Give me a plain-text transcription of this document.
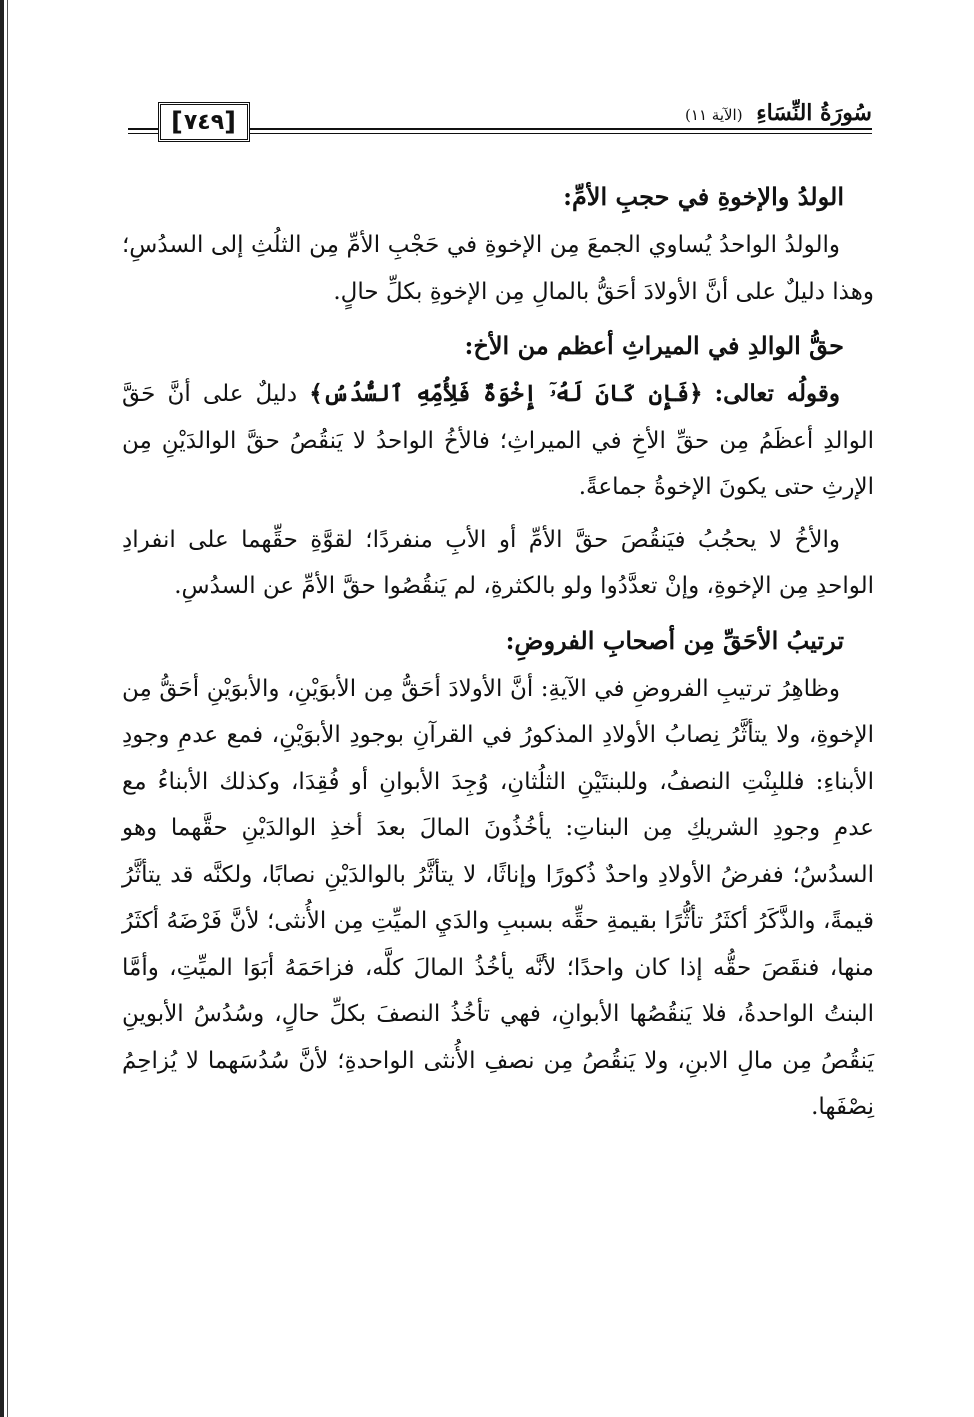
[ ٧٤٩ ]	سُورَةُ النِّسَاءِ (الآية ١١)

الولدُ والإخوةِ في حجبِ الأمِّ:

والولدُ الواحدُ يُساوي الجمعَ مِن الإخوةِ في حَجْبِ الأمِّ مِن الثلُثِ إلى السدُسِ؛ وهذا دليلٌ على أنَّ الأولادَ أحَقُّ بالمالِ مِن الإخوةِ بكلِّ حالٍ.

حقُّ الوالدِ في الميراثِ أعظم من الأخ:

وقولُه تعالى: ﴿فَإِن كَانَ لَهُۥٓ إِخْوَةٌ فَلِأُمِّهِ ٱلسُّدُسُ﴾ دليلٌ على أنَّ حَقَّ الوالدِ أعظَمُ مِن حقِّ الأخِ في الميراثِ؛ فالأخُ الواحدُ لا يَنقُصُ حقَّ الوالدَيْنِ مِن الإرثِ حتى يكونَ الإخوةُ جماعةً.

والأخُ لا يحجُبُ فيَنقُصَ حقَّ الأمِّ أو الأبِ منفردًا؛ لقوَّةِ حقِّهما على انفرادِ الواحدِ مِن الإخوةِ، وإنْ تعدَّدُوا ولو بالكثرةِ، لم يَنقُصُوا حقَّ الأمِّ عن السدُسِ.

ترتيبُ الأحَقِّ مِن أصحابِ الفروضِ:

وظاهِرُ ترتيبِ الفروضِ في الآيةِ: أنَّ الأولادَ أحَقُّ مِن الأبوَيْنِ، والأبوَيْنِ أحَقُّ مِن الإخوةِ، ولا يتأثَّرُ نِصابُ الأولادِ المذكورُ في القرآنِ بوجودِ الأبوَيْنِ، فمع عدمِ وجودِ الأبناءِ: فللبِنْتِ النصفُ، وللبنتَيْنِ الثلُثانِ، وُجِدَ الأبوانِ أو فُقِدَا، وكذلك الأبناءُ مع عدمِ وجودِ الشريكِ مِن البناتِ: يأخُذُونَ المالَ بعدَ أخذِ الوالدَيْنِ حقَّهما وهو السدُسُ؛ ففرضُ الأولادِ واحدٌ ذُكورًا وإناثًا، لا يتأثَّرُ بالوالدَيْنِ نصابًا، ولكنَّه قد يتأثَّرُ قيمةً، والذَّكَرُ أكثَرُ تأثُّرًا بقيمةِ حقِّه بسببِ والدَيِ الميِّتِ مِن الأُنثى؛ لأنَّ فَرْضَهُ أكثَرُ منها، فنقَصَ حقُّه إذا كان واحدًا؛ لأنَّه يأخُذُ المالَ كلَّه، فزاحَمَهُ أبَوَا الميِّتِ، وأمَّا البنتُ الواحدةُ، فلا يَنقُصُها الأبوانِ، فهي تأخُذُ النصفَ بكلِّ حالٍ، وسُدُسُ الأبوينِ يَنقُصُ مِن مالِ الابنِ، ولا يَنقُصُ مِن نصفِ الأُنثى الواحدةِ؛ لأنَّ سُدُسَهما لا يُزاحِمُ نِصْفَها.
